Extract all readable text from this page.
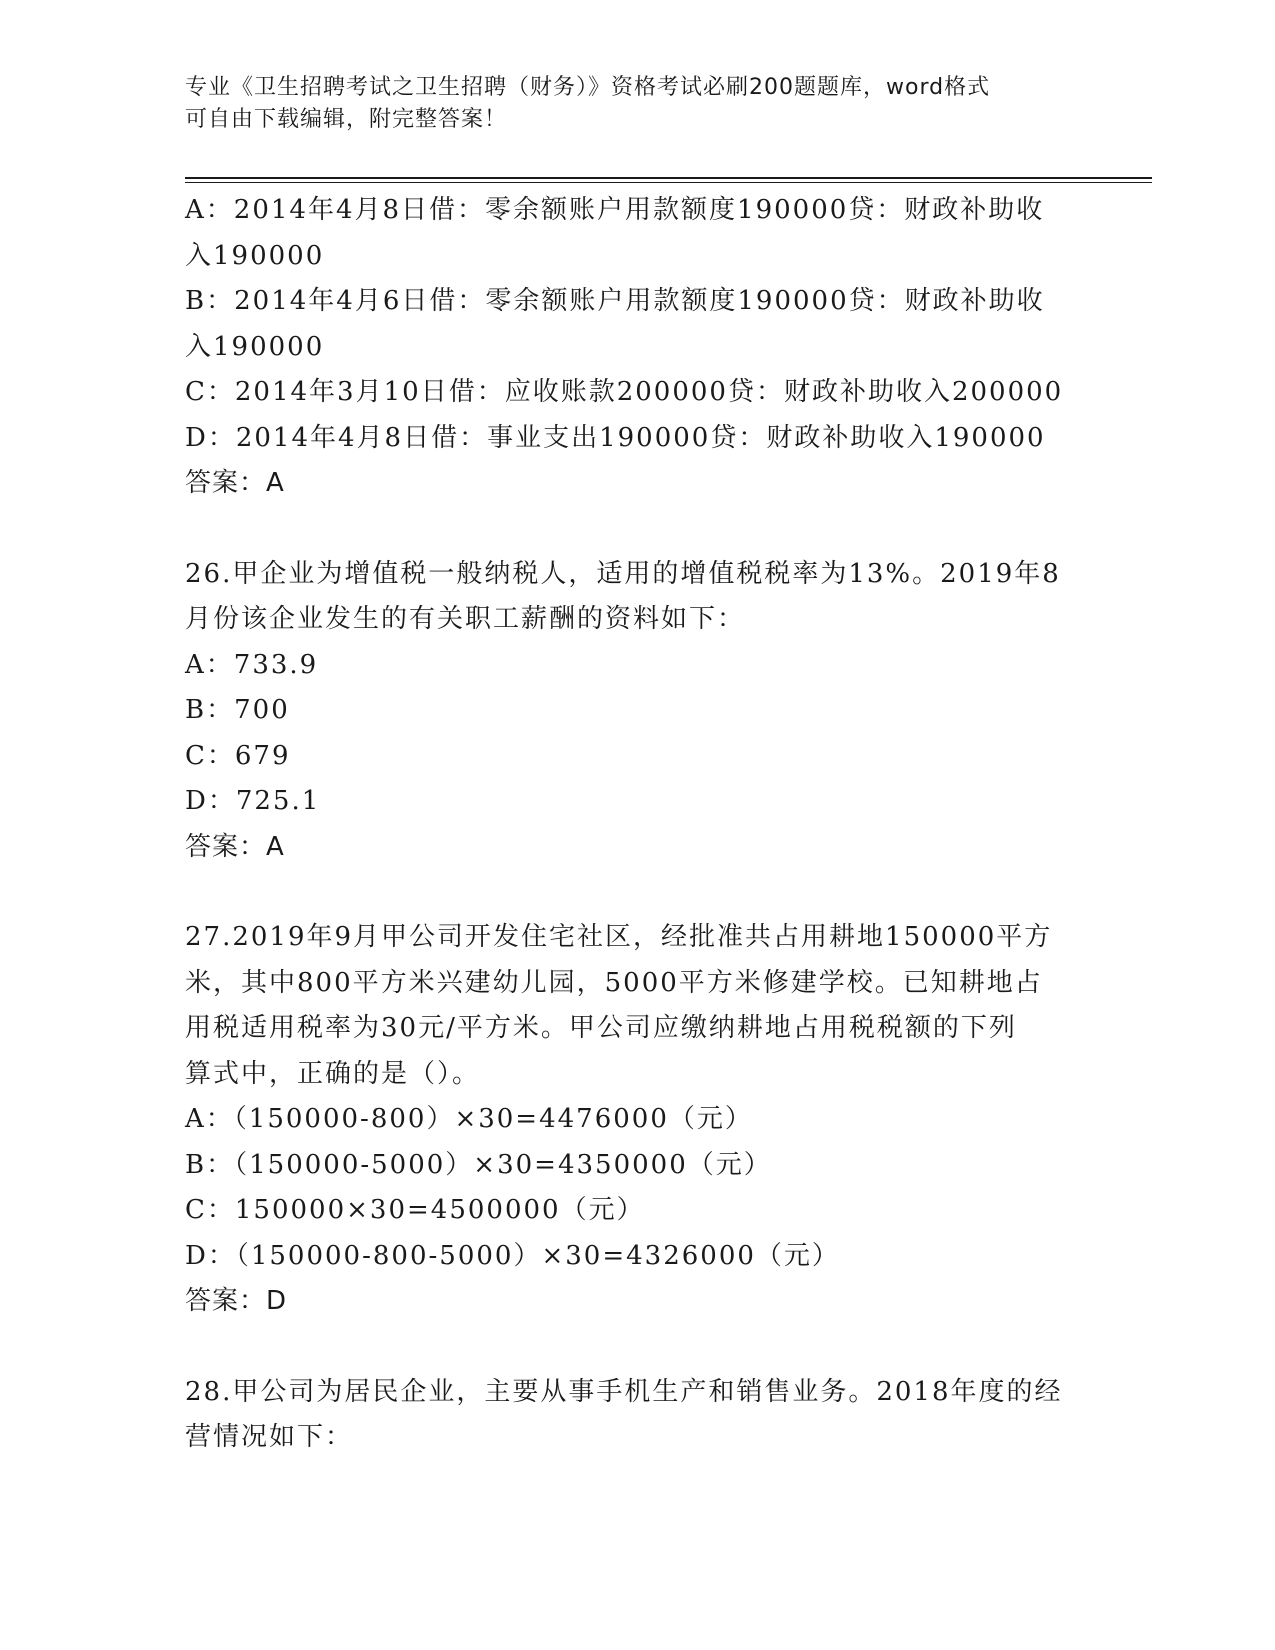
专业《卫生招聘考试之卫生招聘（财务）》资格考试必刷200题题库，word格式
可自由下载编辑，附完整答案！
A：2014年4月8日借：零余额账户用款额度190000贷：财政补助收
入190000
B：2014年4月6日借：零余额账户用款额度190000贷：财政补助收
入190000
C：2014年3月10日借：应收账款200000贷：财政补助收入200000
D：2014年4月8日借：事业支出190000贷：财政补助收入190000
答案：A
26.甲企业为增值税一般纳税人，适用的增值税税率为13%。2019年8
月份该企业发生的有关职工薪酬的资料如下：
A：733.9
B：700
C：679
D：725.1
答案：A
27.2019年9月甲公司开发住宅社区，经批准共占用耕地150000平方
米，其中800平方米兴建幼儿园，5000平方米修建学校。已知耕地占
用税适用税率为30元/平方米。甲公司应缴纳耕地占用税税额的下列
算式中，正确的是（）。
A：（150000-800）×30=4476000（元）
B：（150000-5000）×30=4350000（元）
C：150000×30=4500000（元）
D：（150000-800-5000）×30=4326000（元）
答案：D
28.甲公司为居民企业，主要从事手机生产和销售业务。2018年度的经
营情况如下：
